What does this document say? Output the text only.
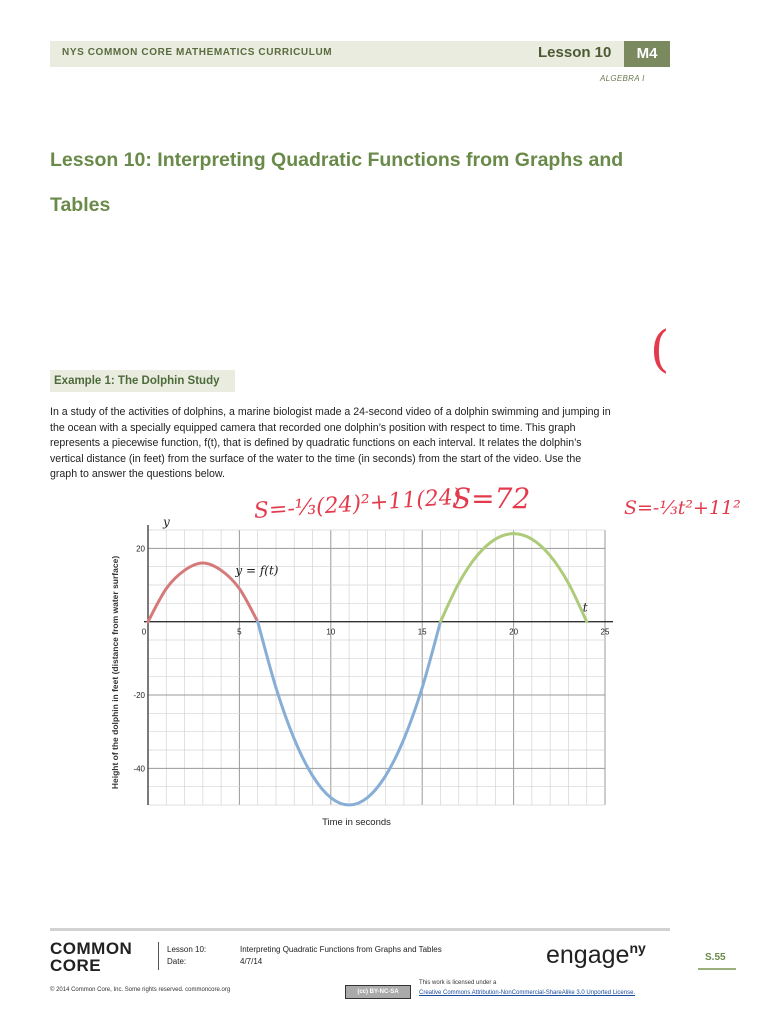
NYS COMMON CORE MATHEMATICS CURRICULUM	Lesson 10	M4
ALGEBRA I
Lesson 10: Interpreting Quadratic Functions from Graphs and
Tables
Example 1: The Dolphin Study
In a study of the activities of dolphins, a marine biologist made a 24-second video of a dolphin swimming and jumping in
the ocean with a specially equipped camera that recorded one dolphin’s position with respect to time. This graph
represents a piecewise function, f(t), that is defined by quadratic functions on each interval. It relates the dolphin’s
vertical distance (in feet) from the surface of the water to the time (in seconds) from the start of the video. Use the
graph to answer the questions below.
S=-⅓(24)²+11(24)
S=72	S=-⅓t²+11²
(
0	5	10	15	20	25
20
-20
-40
y
t
y = f(t)
Time in seconds
Height of the dolphin in feet (distance from water surface)
COMMON
CORE
Lesson 10:	Interpreting Quadratic Functions from Graphs and Tables
Date:	4/7/14	engage$^{ny}$
S.55
© 2014 Common Core, Inc. Some rights reserved. commoncore.org	(cc) BY-NC-SA
This work is licensed under a
Creative Commons Attribution-NonCommercial-ShareAlike 3.0 Unported License.
